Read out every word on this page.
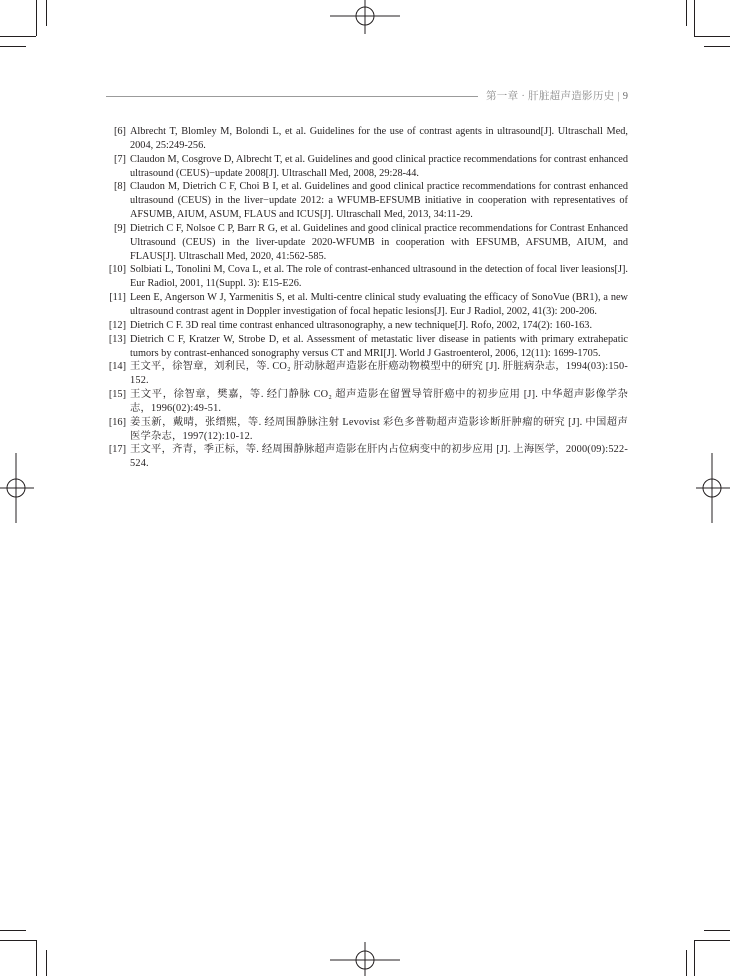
第一章 · 肝脏超声造影历史 | 9
[6] Albrecht T, Blomley M, Bolondi L, et al. Guidelines for the use of contrast agents in ultrasound[J]. Ultraschall Med, 2004, 25:249-256.
[7] Claudon M, Cosgrove D, Albrecht T, et al. Guidelines and good clinical practice recommendations for contrast enhanced ultrasound (CEUS)−update 2008[J]. Ultraschall Med, 2008, 29:28-44.
[8] Claudon M, Dietrich C F, Choi B I, et al. Guidelines and good clinical practice recommendations for contrast enhanced ultrasound (CEUS) in the liver−update 2012: a WFUMB-EFSUMB initiative in cooperation with representatives of AFSUMB, AIUM, ASUM, FLAUS and ICUS[J]. Ultraschall Med, 2013, 34:11-29.
[9] Dietrich C F, Nolsoe C P, Barr R G, et al. Guidelines and good clinical practice recommendations for Contrast Enhanced Ultrasound (CEUS) in the liver-update 2020-WFUMB in cooperation with EFSUMB, AFSUMB, AIUM, and FLAUS[J]. Ultraschall Med, 2020, 41:562-585.
[10] Solbiati L, Tonolini M, Cova L, et al. The role of contrast-enhanced ultrasound in the detection of focal liver leasions[J]. Eur Radiol, 2001, 11(Suppl. 3): E15-E26.
[11] Leen E, Angerson W J, Yarmenitis S, et al. Multi-centre clinical study evaluating the efficacy of SonoVue (BR1), a new ultrasound contrast agent in Doppler investigation of focal hepatic lesions[J]. Eur J Radiol, 2002, 41(3): 200-206.
[12] Dietrich C F. 3D real time contrast enhanced ultrasonography, a new technique[J]. Rofo, 2002, 174(2): 160-163.
[13] Dietrich C F, Kratzer W, Strobe D, et al. Assessment of metastatic liver disease in patients with primary extrahepatic tumors by contrast-enhanced sonography versus CT and MRI[J]. World J Gastroenterol, 2006, 12(11): 1699-1705.
[14] 王文平，徐智章，刘利民，等. CO₂ 肝动脉超声造影在肝癌动物模型中的研究 [J]. 肝脏病杂志，1994(03):150-152.
[15] 王文平，徐智章，樊嘉，等. 经门静脉 CO₂ 超声造影在留置导管肝癌中的初步应用 [J]. 中华超声影像学杂志，1996(02):49-51.
[16] 姜玉新，戴晴，张缙熙，等. 经周围静脉注射 Levovist 彩色多普勒超声造影诊断肝肿瘤的研究 [J]. 中国超声医学杂志，1997(12):10-12.
[17] 王文平，齐青，季正标，等. 经周围静脉超声造影在肝内占位病变中的初步应用 [J]. 上海医学，2000(09):522-524.
